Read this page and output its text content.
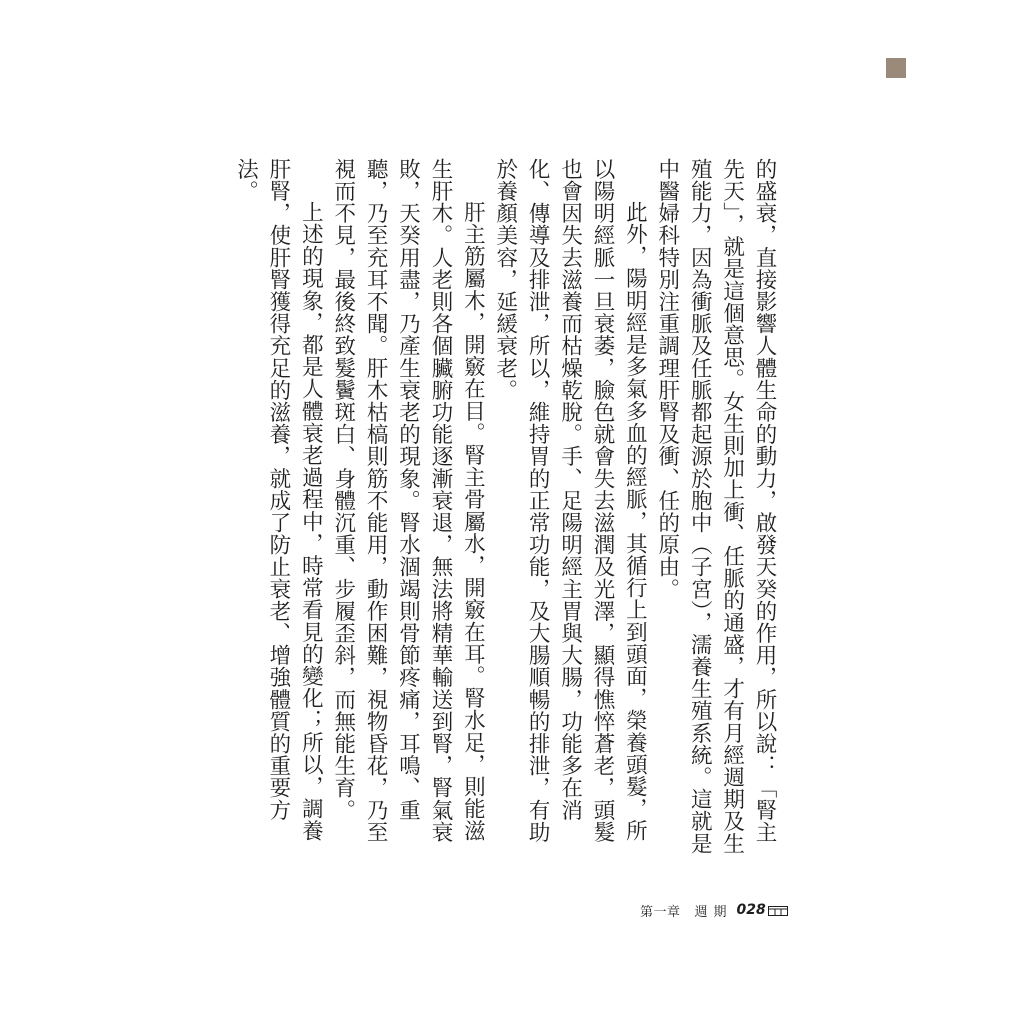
的盛衰，直接影響人體生命的動力，啟發天癸的作用，所以說：「腎主先天」，就是這個意思。女生則加上衝、任脈的通盛，才有月經週期及生殖能力，因為衝脈及任脈都起源於胞中（子宮），濡養生殖系統。這就是中醫婦科特別注重調理肝腎及衝、任的原由。

此外，陽明經是多氣多血的經脈，其循行上到頭面，榮養頭髮，所以陽明經脈一旦衰萎，臉色就會失去滋潤及光澤，顯得憔悴蒼老，頭髮也會因失去滋養而枯燥乾脫。手、足陽明經主胃與大腸，功能多在消化、傳導及排泄，所以，維持胃的正常功能，及大腸順暢的排泄，有助於養顏美容，延緩衰老。

肝主筋屬木，開竅在目。腎主骨屬水，開竅在耳。腎水足，則能滋生肝木。人老則各個臟腑功能逐漸衰退，無法將精華輸送到腎，腎氣衰敗，天癸用盡，乃產生衰老的現象。腎水涸竭則骨節疼痛，耳鳴、重聽，乃至充耳不聞。肝木枯槁則筋不能用，動作困難，視物昏花，乃至視而不見，最後終致髮鬢斑白、身體沉重、步履歪斜，而無能生育。

上述的現象，都是人體衰老過程中，時常看見的變化；所以，調養肝腎，使肝腎獲得充足的滋養，就成了防止衰老、增強體質的重要方法。

第一章 週期 028
